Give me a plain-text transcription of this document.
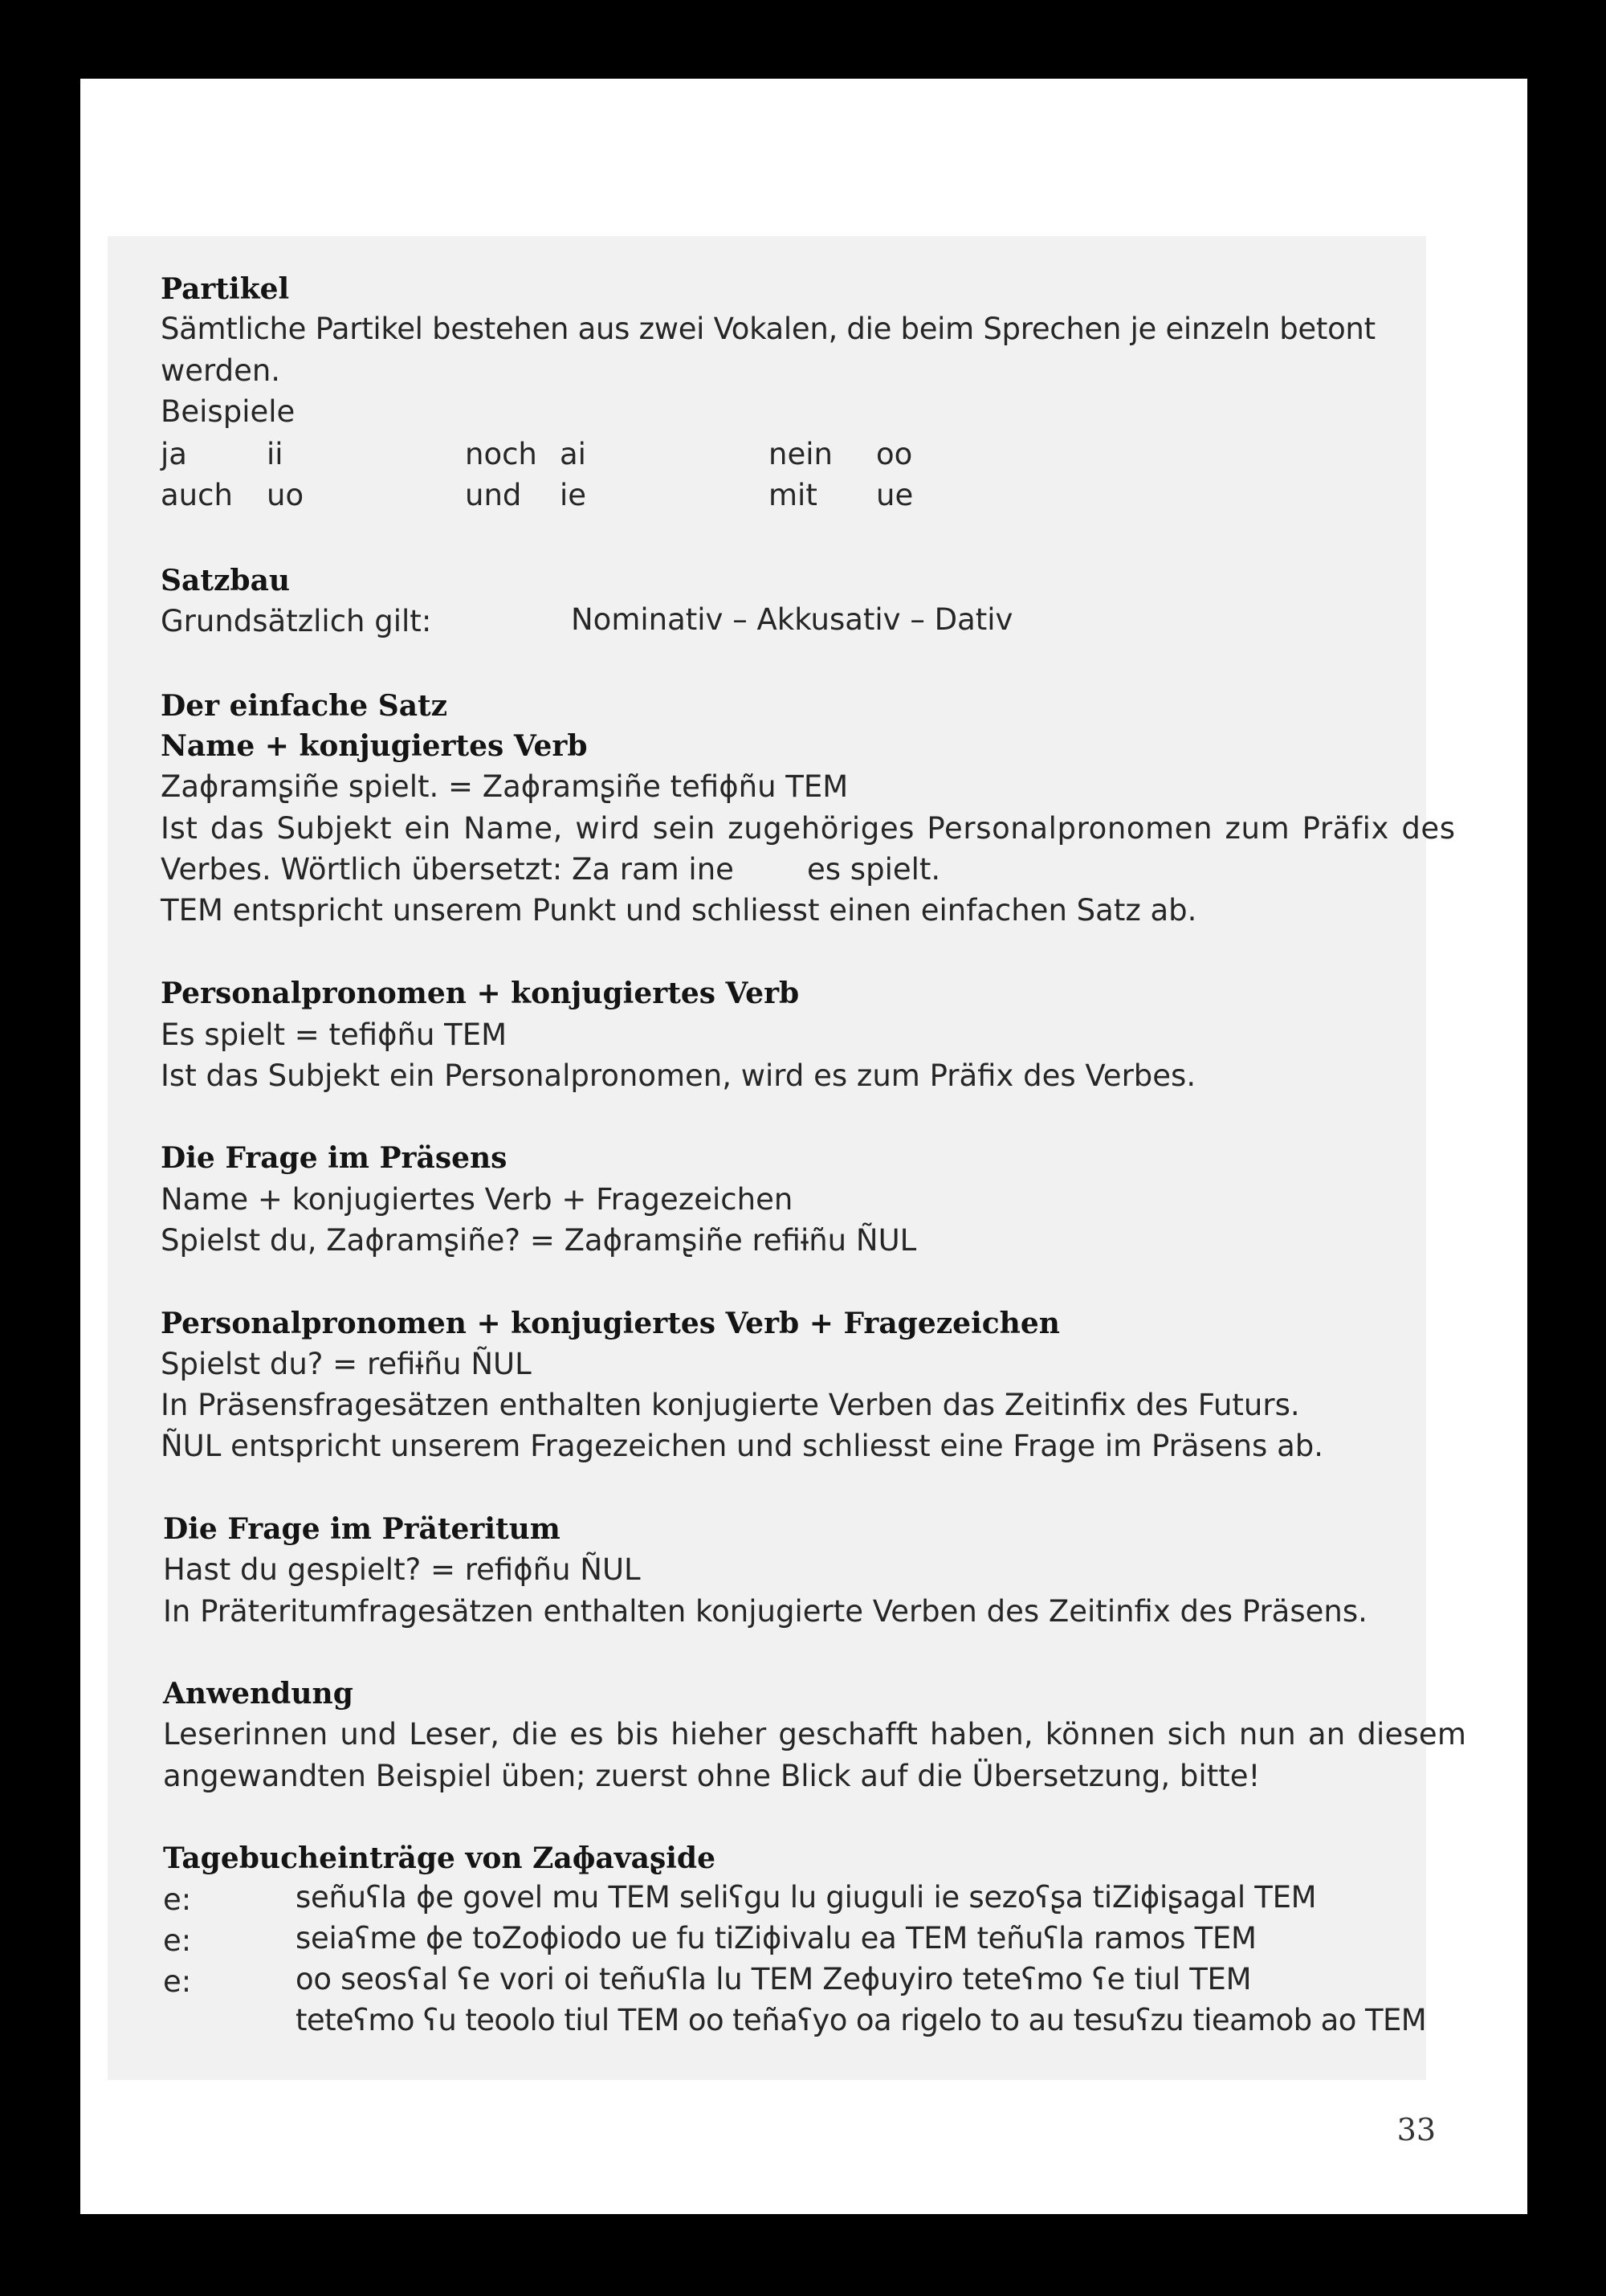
Partikel
Sämtliche Partikel bestehen aus zwei Vokalen, die beim Sprechen je einzeln betont
werden.
Beispiele
ja	ii	noch ai	nein oo
auch uo	und ie	mit ue
Satzbau
Grundsätzlich gilt:	Nominativ – Akkusativ – Dativ
Der einfache Satz
Name + konjugiertes Verb
Zaɸramʂiñe spielt. = Zaɸramʂiñe tefiɸñu TEM
Ist das Subjekt ein Name, wird sein zugehöriges Personalpronomen zum Präfix des
Verbes. Wörtlich übersetzt: Za ram ine es spielt.
TEM entspricht unserem Punkt und schliesst einen einfachen Satz ab.
Personalpronomen + konjugiertes Verb
Es spielt = tefiɸñu TEM
Ist das Subjekt ein Personalpronomen, wird es zum Präfix des Verbes.
Die Frage im Präsens
Name + konjugiertes Verb + Fragezeichen
Spielst du, Zaɸramʂiñe? = Zaɸramʂiñe refiɨñu ÑUL
Personalpronomen + konjugiertes Verb + Fragezeichen
Spielst du? = refiɨñu ÑUL
In Präsensfragesätzen enthalten konjugierte Verben das Zeitinfix des Futurs.
ÑUL entspricht unserem Fragezeichen und schliesst eine Frage im Präsens ab.
Die Frage im Präteritum
Hast du gespielt? = refiɸñu ÑUL
In Präteritumfragesätzen enthalten konjugierte Verben des Zeitinfix des Präsens.
Anwendung
Leserinnen und Leser, die es bis hieher geschafft haben, können sich nun an diesem
angewandten Beispiel üben; zuerst ohne Blick auf die Übersetzung, bitte!
Tagebucheinträge von Zaɸavaʂide
e:	señuʕla ɸe govel mu TEM seliʕgu lu giuguli ie sezoʕʂa tiZiɸiʂagal TEM
e:	seiaʕme ɸe toZoɸiodo ue fu tiZiɸivalu ea TEM teñuʕla ramos TEM
e:	oo seosʕal ʕe vori oi teñuʕla lu TEM Zeɸuyiro teteʕmo ʕe tiul TEM
teteʕmo ʕu teoolo tiul TEM oo teñaʕyo oa rigelo to au tesuʕzu tieamob ao TEM
33
